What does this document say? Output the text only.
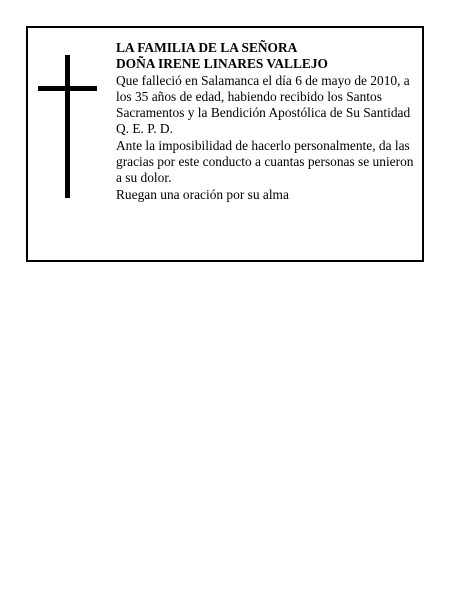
LA FAMILIA DE LA SEÑORA

DOÑA IRENE LINARES VALLEJO

Que falleció en Salamanca el día 6 de mayo de 2010, a los 35 años de edad, habiendo recibido los Santos Sacramentos y la Bendición Apostólica de Su Santidad

Q. E. P. D.

Ante la imposibilidad de hacerlo personalmente, da las gracias por este conducto a cuantas personas se unieron a su dolor.

Ruegan una oración por su alma
